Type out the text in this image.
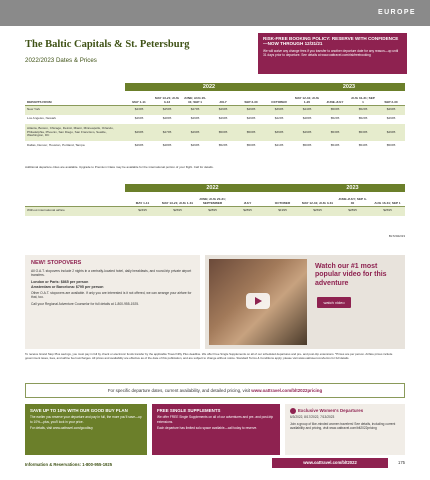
EUROPE
The Baltic Capitals & St. Petersburg
2022/2023 Dates & Prices
RISK-FREE BOOKING POLICY: RESERVE WITH CONFIDENCE—NOW THROUGH 12/31/21
We will waive any change fees if you transfer to another departure date for any reason—up until 31 days prior to departure. See details at www.oattravel.com/riskfreebooking
	2022						2023			
DEPARTS FROM	MAY 1-11	MAY 13-21; AUG 3-13	JUNE; AUG 20-31; SEP 1	JULY	SEP 3-30	OCTOBER	MAY 12-31; AUG 1-20	JUNE-JULY	AUG 31-31; SEP 1	SEP 2-30
New York	$4395	$4595	$4795	$4995	$4995	$3995	$4495	$5095	$5295	$4995
Los Angeles, Newark	$4695	$4895	$4995	$4995	$4995	$4295	$4895	$5295	$5295	$4995
Atlanta, Boston, Chicago, Detroit, Miami, Minneapolis, Orlando, Philadelphia, Phoenix, San Diego, San Francisco, Seattle, Washington, DC	$4995	$4795	$4995	$5095	$5095	$3995	$4995	$5395	$5395	$4995
Dallas, Denver, Houston, Portland, Tampa	$4995	$4895	$4995	$5295	$5095	$4195	$5095	$5495	$5495	$5095
Additional departure cities are available. Upgrade to Premium Class may be available for the international portion of your flight. Call for details.
	2022					2023		
	MAY 1-11	MAY 13-21; AUG 1-31	JUNE; AUG 20-31; SEPTEMBER	JULY	OCTOBER	MAY 12-31; AUG 3-31	JUNE-JULY; SEP 3-30	AUG 16-31; SEP 1
Without international airfare	$2495	$2695	$2895	$2895	$1995	$2695	$2895	$2695
BLT2022/23
NEW! STOPOVERS
All O.A.T. stopovers include 2 nights in a centrally-located hotel, daily breakfasts, and round-trip private airport transfers.
London or Paris: $865 per person
Amsterdam or Barcelona: $795 per person
Other O.A.T. stopovers are available. If only you are interested is it not offered, we can arrange your airfare for that, too.
Call your Regional Adventure Counselor for full details at 1-800-955-1925.
Watch our #1 most popular video for this adventure
watch video
To receive Grand Stop Plus savings, you must pay in full by check or electronic funds transfer by the applicable Travel Nifty Plus deadline. We offer Free Single Supplements on all of our scheduled departures and pre- and post-trip extensions. *Prices are per person. Airfare prices include government taxes, fees, and airline fuel surcharges. All prices and availability are effective as of the date of this publication, and are subject to change without notice. Standard Terms & Conditions apply; please visit www.oattravel.com/terms for full details.
For specific departure dates, current availability, and detailed pricing, visit www.oattravel.com/blt2022pricing
SAVE UP TO 10% WITH OUR GOOD BUY PLAN
The earlier you reserve your departure and pay in full, the more you'll save—up to 10%—plus, you'll lock in your price.
For details, visit www.oattravel.com/goodbuy
FREE SINGLE SUPPLEMENTS
We offer FREE Single Supplements on all of our adventures and pre- and post-trip extensions.
Each departure has limited solo space available—call today to reserve.
Exclusive Women's Departures
6/3/2022, 8/17/2022, 7/13/2023
Join a group of like-minded women travelers! See details, including current availability and pricing, visit www.oattravel.com/blt2022pricing
Information & Reservations: 1-800-955-1925	www.oattravel.com/blt2022	175
